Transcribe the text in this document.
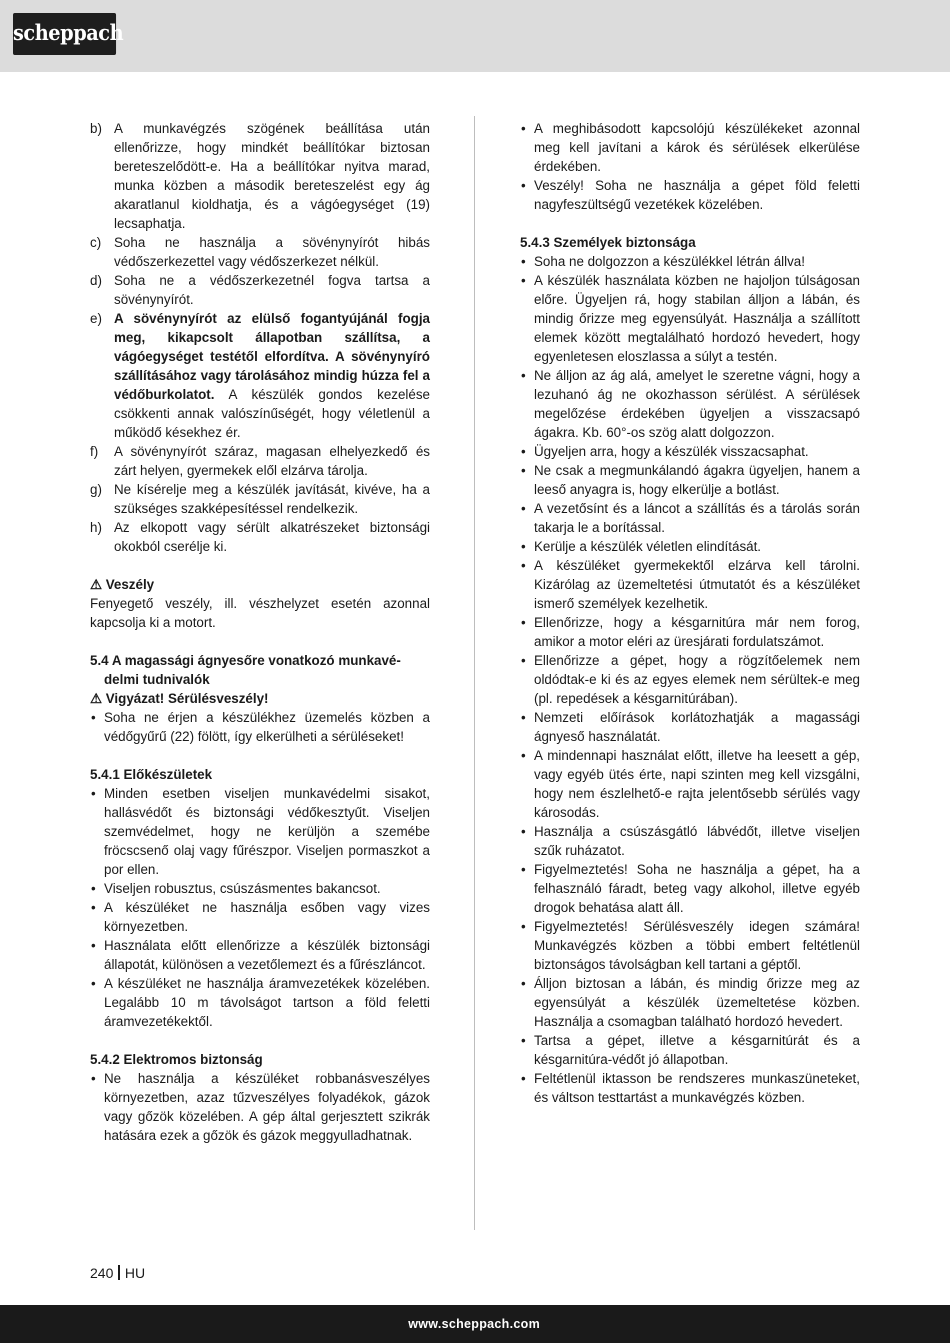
scheppach
b) A munkavégzés szögének beállítása után ellenőrizze, hogy mindkét beállítókar biztosan bereteszelődött-e. Ha a beállítókar nyitva marad, munka közben a második bereteszelést egy ág akaratlanul kioldhatja, és a vágóegységet (19) lecsaphatja.
c) Soha ne használja a sövénynyírót hibás védőszerkezettel vagy védőszerkezet nélkül.
d) Soha ne a védőszerkezetnél fogva tartsa a sövénynyírót.
e) A sövénynyírót az elülső fogantyújánál fogja meg, kikapcsolt állapotban szállítsa, a vágóegységet testétől elfordítva. A sövénynyíró szállításához vagy tárolásához mindig húzza fel a védőburkolatot. A készülék gondos kezelése csökkenti annak valószínűségét, hogy véletlenül a működő késekhez ér.
f) A sövénynyírót száraz, magasan elhelyezkedő és zárt helyen, gyermekek elől elzárva tárolja.
g) Ne kísérelje meg a készülék javítását, kivéve, ha a szükséges szakképesítéssel rendelkezik.
h) Az elkopott vagy sérült alkatrészeket biztonsági okokból cserélje ki.
⚠ Veszély
Fenyegető veszély, ill. vészhelyzet esetén azonnal kapcsolja ki a motort.
5.4 A magassági ágnyesőre vonatkozó munkavé-
delmi tudnivalók
⚠ Vigyázat! Sérülésveszély!
• Soha ne érjen a készülékhez üzemelés közben a védőgyűrű (22) fölött, így elkerülheti a sérüléseket!
5.4.1 Előkészületek
• Minden esetben viseljen munkavédelmi sisakot, hallásvédőt és biztonsági védőkesztyűt. Viseljen szemvédelmet, hogy ne kerüljön a szemébe fröcscsenő olaj vagy fűrészpor. Viseljen pormaszkot a por ellen.
• Viseljen robusztus, csúszásmentes bakancsot.
• A készüléket ne használja esőben vagy vizes környezetben.
• Használata előtt ellenőrizze a készülék biztonsági állapotát, különösen a vezetőlemezt és a fűrészláncot.
• A készüléket ne használja áramvezetékek közelében. Legalább 10 m távolságot tartson a föld feletti áramvezetékektől.
5.4.2 Elektromos biztonság
• Ne használja a készüléket robbanásveszélyes környezetben, azaz tűzveszélyes folyadékok, gázok vagy gőzök közelében. A gép által gerjesztett szikrák hatására ezek a gőzök és gázok meggyulladhatnak.
• A meghibásodott kapcsolójú készülékeket azonnal meg kell javítani a károk és sérülések elkerülése érdekében.
• Veszély! Soha ne használja a gépet föld feletti nagyfeszültségű vezetékek közelében.
5.4.3 Személyek biztonsága
• Soha ne dolgozzon a készülékkel létrán állva!
• A készülék használata közben ne hajoljon túlságosan előre. Ügyeljen rá, hogy stabilan álljon a lábán, és mindig őrizze meg egyensúlyát. Használja a szállított elemek között megtalálható hordozó hevedert, hogy egyenletesen eloszlassa a súlyt a testén.
• Ne álljon az ág alá, amelyet le szeretne vágni, hogy a lezuhanó ág ne okozhasson sérülést. A sérülések megelőzése érdekében ügyeljen a visszacsapó ágakra. Kb. 60°-os szög alatt dolgozzon.
• Ügyeljen arra, hogy a készülék visszacsaphat.
• Ne csak a megmunkálandó ágakra ügyeljen, hanem a leeső anyagra is, hogy elkerülje a botlást.
• A vezetősínt és a láncot a szállítás és a tárolás során takarja le a borítással.
• Kerülje a készülék véletlen elindítását.
• A készüléket gyermekektől elzárva kell tárolni. Kizárólag az üzemeltetési útmutatót és a készüléket ismerő személyek kezelhetik.
• Ellenőrizze, hogy a késgarnitúra már nem forog, amikor a motor eléri az üresjárati fordulatszámot.
• Ellenőrizze a gépet, hogy a rögzítőelemek nem oldódtak-e ki és az egyes elemek nem sérültek-e meg (pl. repedések a késgarnitúrában).
• Nemzeti előírások korlátozhatják a magassági ágnyeső használatát.
• A mindennapi használat előtt, illetve ha leesett a gép, vagy egyéb ütés érte, napi szinten meg kell vizsgálni, hogy nem észlelhető-e rajta jelentősebb sérülés vagy károsodás.
• Használja a csúszásgátló lábvédőt, illetve viseljen szűk ruházatot.
• Figyelmeztetés! Soha ne használja a gépet, ha a felhasználó fáradt, beteg vagy alkohol, illetve egyéb drogok behatása alatt áll.
• Figyelmeztetés! Sérülésveszély idegen számára! Munkavégzés közben a többi embert feltétlenül biztonságos távolságban kell tartani a géptől.
• Álljon biztosan a lábán, és mindig őrizze meg az egyensúlyát a készülék üzemeltetése közben. Használja a csomagban található hordozó hevedert.
• Tartsa a gépet, illetve a késgarnitúrát és a késgarnitúra-védőt jó állapotban.
• Feltétlenül iktasson be rendszeres munkaszüneteket, és váltson testtartást a munkavégzés közben.
240 HU
www.scheppach.com
